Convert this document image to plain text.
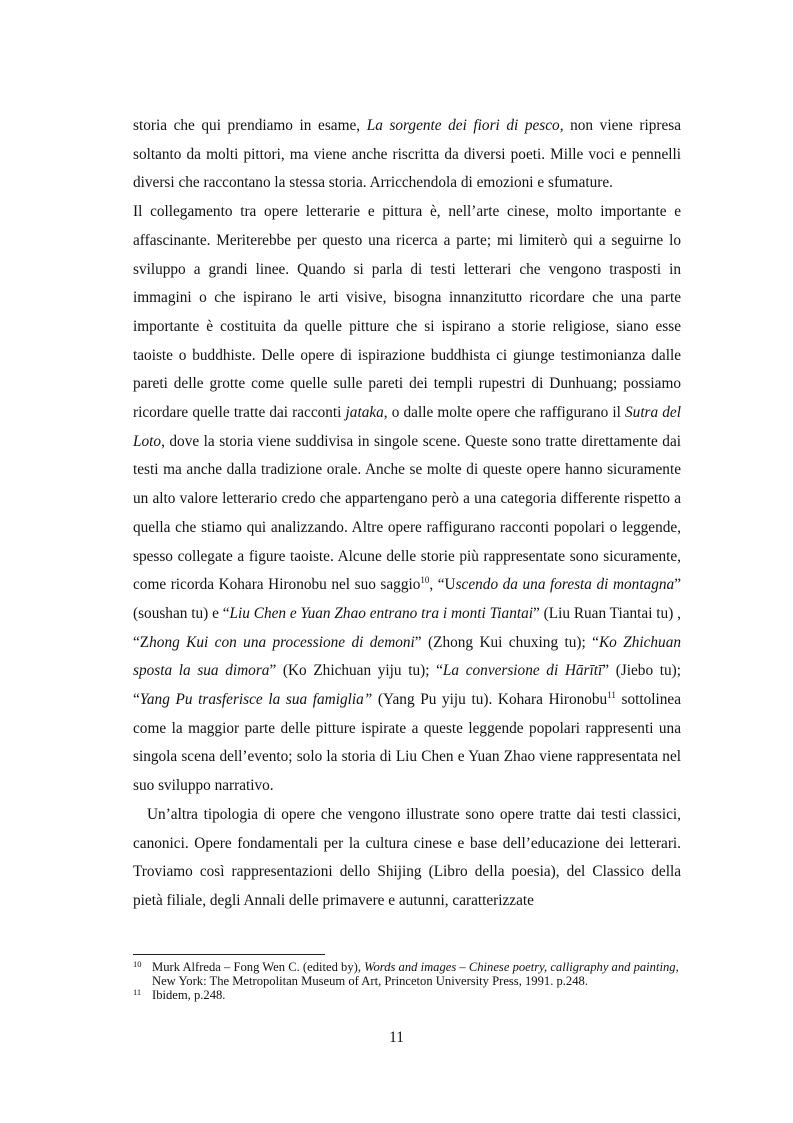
storia che qui prendiamo in esame, La sorgente dei fiori di pesco, non viene ripresa soltanto da molti pittori, ma viene anche riscritta da diversi poeti. Mille voci e pennelli diversi che raccontano la stessa storia. Arricchendola di emozioni e sfumature.

Il collegamento tra opere letterarie e pittura è, nell’arte cinese, molto importante e affascinante. Meriterebbe per questo una ricerca a parte; mi limiterò qui a seguirne lo sviluppo a grandi linee. Quando si parla di testi letterari che vengono trasposti in immagini o che ispirano le arti visive, bisogna innanzitutto ricordare che una parte importante è costituita da quelle pitture che si ispirano a storie religiose, siano esse taoiste o buddhiste. Delle opere di ispirazione buddhista ci giunge testimonianza dalle pareti delle grotte come quelle sulle pareti dei templi rupestri di Dunhuang; possiamo ricordare quelle tratte dai racconti jataka, o dalle molte opere che raffigurano il Sutra del Loto, dove la storia viene suddivisa in singole scene. Queste sono tratte direttamente dai testi ma anche dalla tradizione orale. Anche se molte di queste opere hanno sicuramente un alto valore letterario credo che appartengano però a una categoria differente rispetto a quella che stiamo qui analizzando. Altre opere raffigurano racconti popolari o leggende, spesso collegate a figure taoiste. Alcune delle storie più rappresentate sono sicuramente, come ricorda Kohara Hironobu nel suo saggio$^{10}$, “Uscendo da una foresta di montagna” (soushan tu) e “Liu Chen e Yuan Zhao entrano tra i monti Tiantai” (Liu Ruan Tiantai tu) , “Zhong Kui con una processione di demoni” (Zhong Kui chuxing tu); “Ko Zhichuan sposta la sua dimora” (Ko Zhichuan yiju tu); “La conversione di Hārītī” (Jiebo tu); “Yang Pu trasferisce la sua famiglia” (Yang Pu yiju tu). Kohara Hironobu$^{11}$ sottolinea come la maggior parte delle pitture ispirate a queste leggende popolari rappresenti una singola scena dell’evento; solo la storia di Liu Chen e Yuan Zhao viene rappresentata nel suo sviluppo narrativo.

Un’altra tipologia di opere che vengono illustrate sono opere tratte dai testi classici, canonici. Opere fondamentali per la cultura cinese e base dell’educazione dei letterari. Troviamo così rappresentazioni dello Shijing (Libro della poesia), del Classico della pietà filiale, degli Annali delle primavere e autunni, caratterizzate

10 Murk Alfreda – Fong Wen C. (edited by), Words and images – Chinese poetry, calligraphy and painting, New York: The Metropolitan Museum of Art, Princeton University Press, 1991. p.248.
11 Ibidem, p.248.
11
